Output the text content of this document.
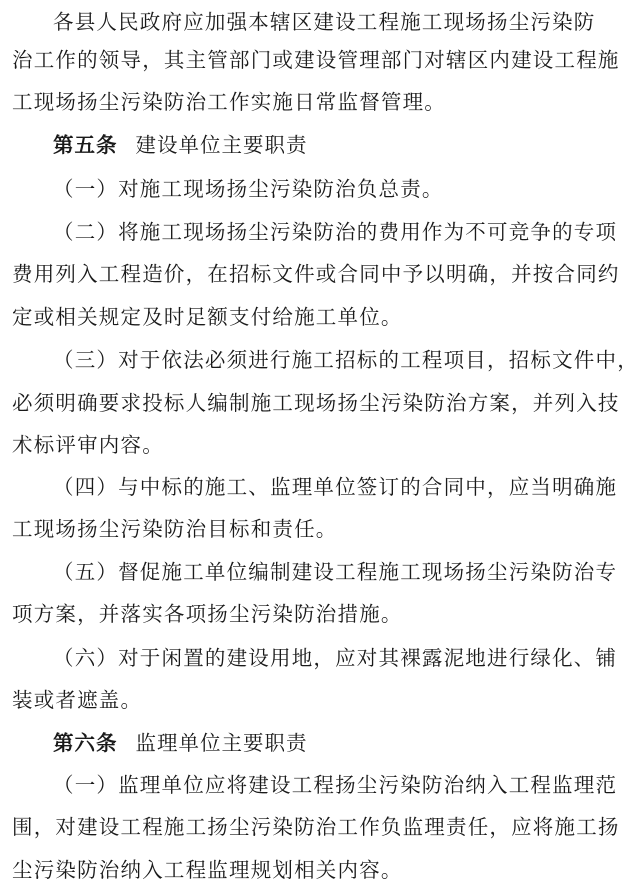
各县人民政府应加强本辖区建设工程施工现场扬尘污染防
治工作的领导，其主管部门或建设管理部门对辖区内建设工程施
工现场扬尘污染防治工作实施日常监督管理。
第五条 建设单位主要职责
（一）对施工现场扬尘污染防治负总责。
（二）将施工现场扬尘污染防治的费用作为不可竞争的专项
费用列入工程造价，在招标文件或合同中予以明确，并按合同约
定或相关规定及时足额支付给施工单位。
（三）对于依法必须进行施工招标的工程项目，招标文件中，
必须明确要求投标人编制施工现场扬尘污染防治方案，并列入技
术标评审内容。
（四）与中标的施工、监理单位签订的合同中，应当明确施
工现场扬尘污染防治目标和责任。
（五）督促施工单位编制建设工程施工现场扬尘污染防治专
项方案，并落实各项扬尘污染防治措施。
（六）对于闲置的建设用地，应对其裸露泥地进行绿化、铺
装或者遮盖。
第六条 监理单位主要职责
（一）监理单位应将建设工程扬尘污染防治纳入工程监理范
围，对建设工程施工扬尘污染防治工作负监理责任，应将施工扬
尘污染防治纳入工程监理规划相关内容。
